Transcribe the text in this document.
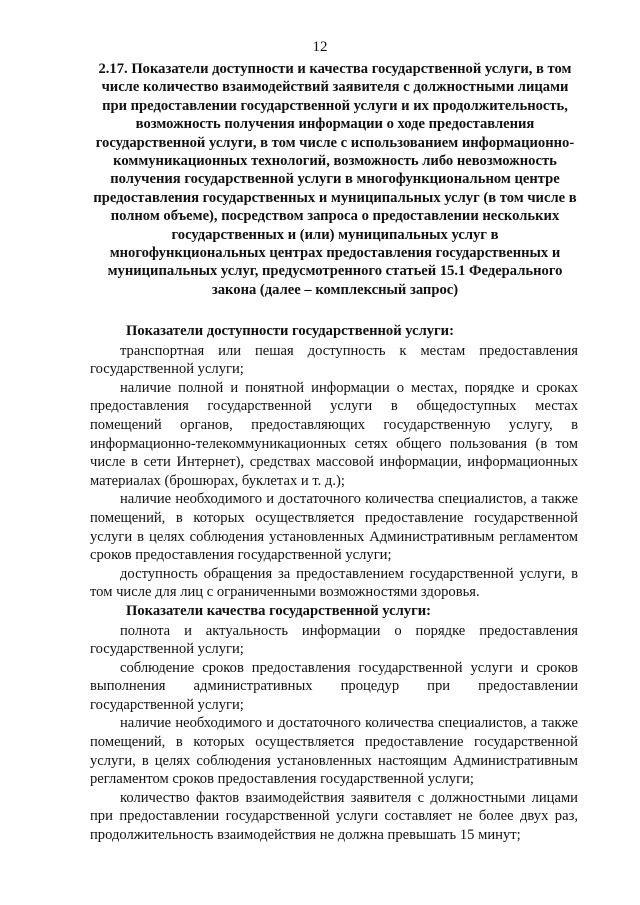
12
2.17. Показатели доступности и качества государственной услуги, в том числе количество взаимодействий заявителя с должностными лицами при предоставлении государственной услуги и их продолжительность, возможность получения информации о ходе предоставления государственной услуги, в том числе с использованием информационно-коммуникационных технологий, возможность либо невозможность получения государственной услуги в многофункциональном центре предоставления государственных и муниципальных услуг (в том числе в полном объеме), посредством запроса о предоставлении нескольких государственных и (или) муниципальных услуг в многофункциональных центрах предоставления государственных и муниципальных услуг, предусмотренного статьей 15.1 Федерального закона (далее – комплексный запрос)

Показатели доступности государственной услуги:

транспортная или пешая доступность к местам предоставления государственной услуги;

наличие полной и понятной информации о местах, порядке и сроках предоставления государственной услуги в общедоступных местах помещений органов, предоставляющих государственную услугу, в информационно-телекоммуникационных сетях общего пользования (в том числе в сети Интернет), средствах массовой информации, информационных материалах (брошюрах, буклетах и т. д.);

наличие необходимого и достаточного количества специалистов, а также помещений, в которых осуществляется предоставление государственной услуги в целях соблюдения установленных Административным регламентом сроков предоставления государственной услуги;

доступность обращения за предоставлением государственной услуги, в том числе для лиц с ограниченными возможностями здоровья.

Показатели качества государственной услуги:

полнота и актуальность информации о порядке предоставления государственной услуги;

соблюдение сроков предоставления государственной услуги и сроков выполнения административных процедур при предоставлении государственной услуги;

наличие необходимого и достаточного количества специалистов, а также помещений, в которых осуществляется предоставление государственной услуги, в целях соблюдения установленных настоящим Административным регламентом сроков предоставления государственной услуги;

количество фактов взаимодействия заявителя с должностными лицами при предоставлении государственной услуги составляет не более двух раз, продолжительность взаимодействия не должна превышать 15 минут;
